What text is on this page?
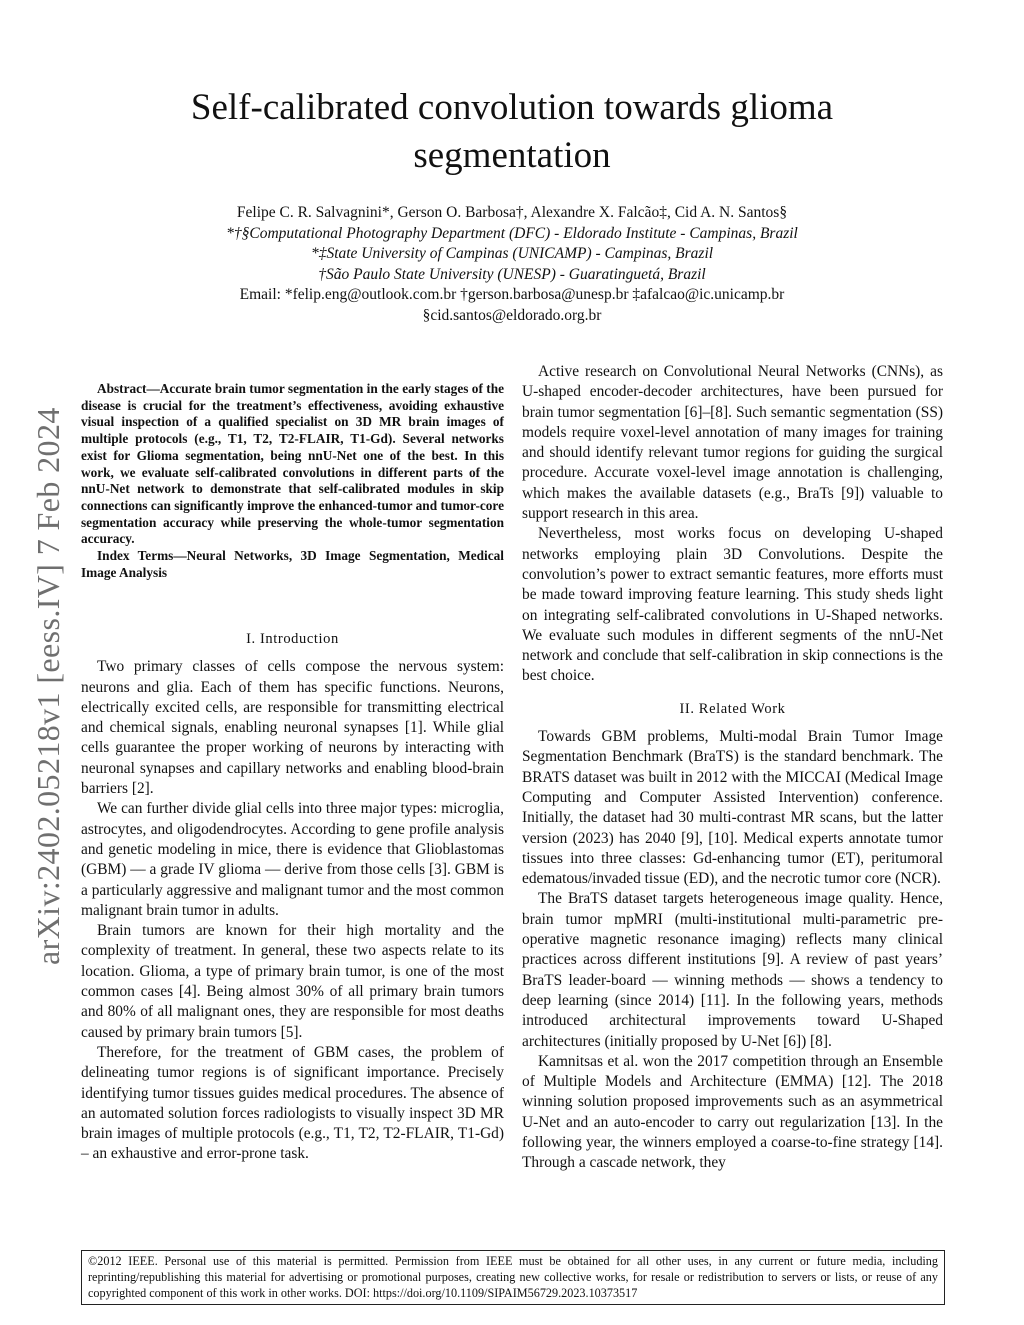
Self-calibrated convolution towards glioma segmentation
Felipe C. R. Salvagnini*, Gerson O. Barbosa†, Alexandre X. Falcão‡, Cid A. N. Santos§
*†§Computational Photography Department (DFC) - Eldorado Institute - Campinas, Brazil
*‡State University of Campinas (UNICAMP) - Campinas, Brazil
†São Paulo State University (UNESP) - Guaratinguetá, Brazil
Email: *felip.eng@outlook.com.br †gerson.barbosa@unesp.br ‡afalcao@ic.unicamp.br
§cid.santos@eldorado.org.br
arXiv:2402.05218v1 [eess.IV] 7 Feb 2024

Abstract—Accurate brain tumor segmentation in the early stages of the disease is crucial for the treatment’s effectiveness, avoiding exhaustive visual inspection of a qualified specialist on 3D MR brain images of multiple protocols (e.g., T1, T2, T2-FLAIR, T1-Gd). Several networks exist for Glioma segmentation, being nnU-Net one of the best. In this work, we evaluate self-calibrated convolutions in different parts of the nnU-Net network to demonstrate that self-calibrated modules in skip connections can significantly improve the enhanced-tumor and tumor-core segmentation accuracy while preserving the whole-tumor segmentation accuracy.

Index Terms—Neural Networks, 3D Image Segmentation, Medical Image Analysis

I. Introduction

Two primary classes of cells compose the nervous system: neurons and glia. Each of them has specific functions. Neurons, electrically excited cells, are responsible for transmitting electrical and chemical signals, enabling neuronal synapses [1]. While glial cells guarantee the proper working of neurons by interacting with neuronal synapses and capillary networks and enabling blood-brain barriers [2].

We can further divide glial cells into three major types: microglia, astrocytes, and oligodendrocytes. According to gene profile analysis and genetic modeling in mice, there is evidence that Glioblastomas (GBM) — a grade IV glioma — derive from those cells [3]. GBM is a particularly aggressive and malignant tumor and the most common malignant brain tumor in adults.

Brain tumors are known for their high mortality and the complexity of treatment. In general, these two aspects relate to its location. Glioma, a type of primary brain tumor, is one of the most common cases [4]. Being almost 30% of all primary brain tumors and 80% of all malignant ones, they are responsible for most deaths caused by primary brain tumors [5].

Therefore, for the treatment of GBM cases, the problem of delineating tumor regions is of significant importance. Precisely identifying tumor tissues guides medical procedures. The absence of an automated solution forces radiologists to visually inspect 3D MR brain images of multiple protocols (e.g., T1, T2, T2-FLAIR, T1-Gd) – an exhaustive and error-prone task.

Active research on Convolutional Neural Networks (CNNs), as U-shaped encoder-decoder architectures, have been pursued for brain tumor segmentation [6]–[8]. Such semantic segmentation (SS) models require voxel-level annotation of many images for training and should identify relevant tumor regions for guiding the surgical procedure. Accurate voxel-level image annotation is challenging, which makes the available datasets (e.g., BraTs [9]) valuable to support research in this area.

Nevertheless, most works focus on developing U-shaped networks employing plain 3D Convolutions. Despite the convolution’s power to extract semantic features, more efforts must be made toward improving feature learning. This study sheds light on integrating self-calibrated convolutions in U-Shaped networks. We evaluate such modules in different segments of the nnU-Net network and conclude that self-calibration in skip connections is the best choice.

II. Related Work

Towards GBM problems, Multi-modal Brain Tumor Image Segmentation Benchmark (BraTS) is the standard benchmark. The BRATS dataset was built in 2012 with the MICCAI (Medical Image Computing and Computer Assisted Intervention) conference. Initially, the dataset had 30 multi-contrast MR scans, but the latter version (2023) has 2040 [9], [10]. Medical experts annotate tumor tissues into three classes: Gd-enhancing tumor (ET), peritumoral edematous/invaded tissue (ED), and the necrotic tumor core (NCR).

The BraTS dataset targets heterogeneous image quality. Hence, brain tumor mpMRI (multi-institutional multi-parametric pre-operative magnetic resonance imaging) reflects many clinical practices across different institutions [9]. A review of past years’ BraTS leader-board — winning methods — shows a tendency to deep learning (since 2014) [11]. In the following years, methods introduced architectural improvements toward U-Shaped architectures (initially proposed by U-Net [6]) [8].

Kamnitsas et al. won the 2017 competition through an Ensemble of Multiple Models and Architecture (EMMA) [12]. The 2018 winning solution proposed improvements such as an asymmetrical U-Net and an auto-encoder to carry out regularization [13]. In the following year, the winners employed a coarse-to-fine strategy [14]. Through a cascade network, they

©2012 IEEE. Personal use of this material is permitted. Permission from IEEE must be obtained for all other uses, in any current or future media, including reprinting/republishing this material for advertising or promotional purposes, creating new collective works, for resale or redistribution to servers or lists, or reuse of any copyrighted component of this work in other works. DOI: https://doi.org/10.1109/SIPAIM56729.2023.10373517
